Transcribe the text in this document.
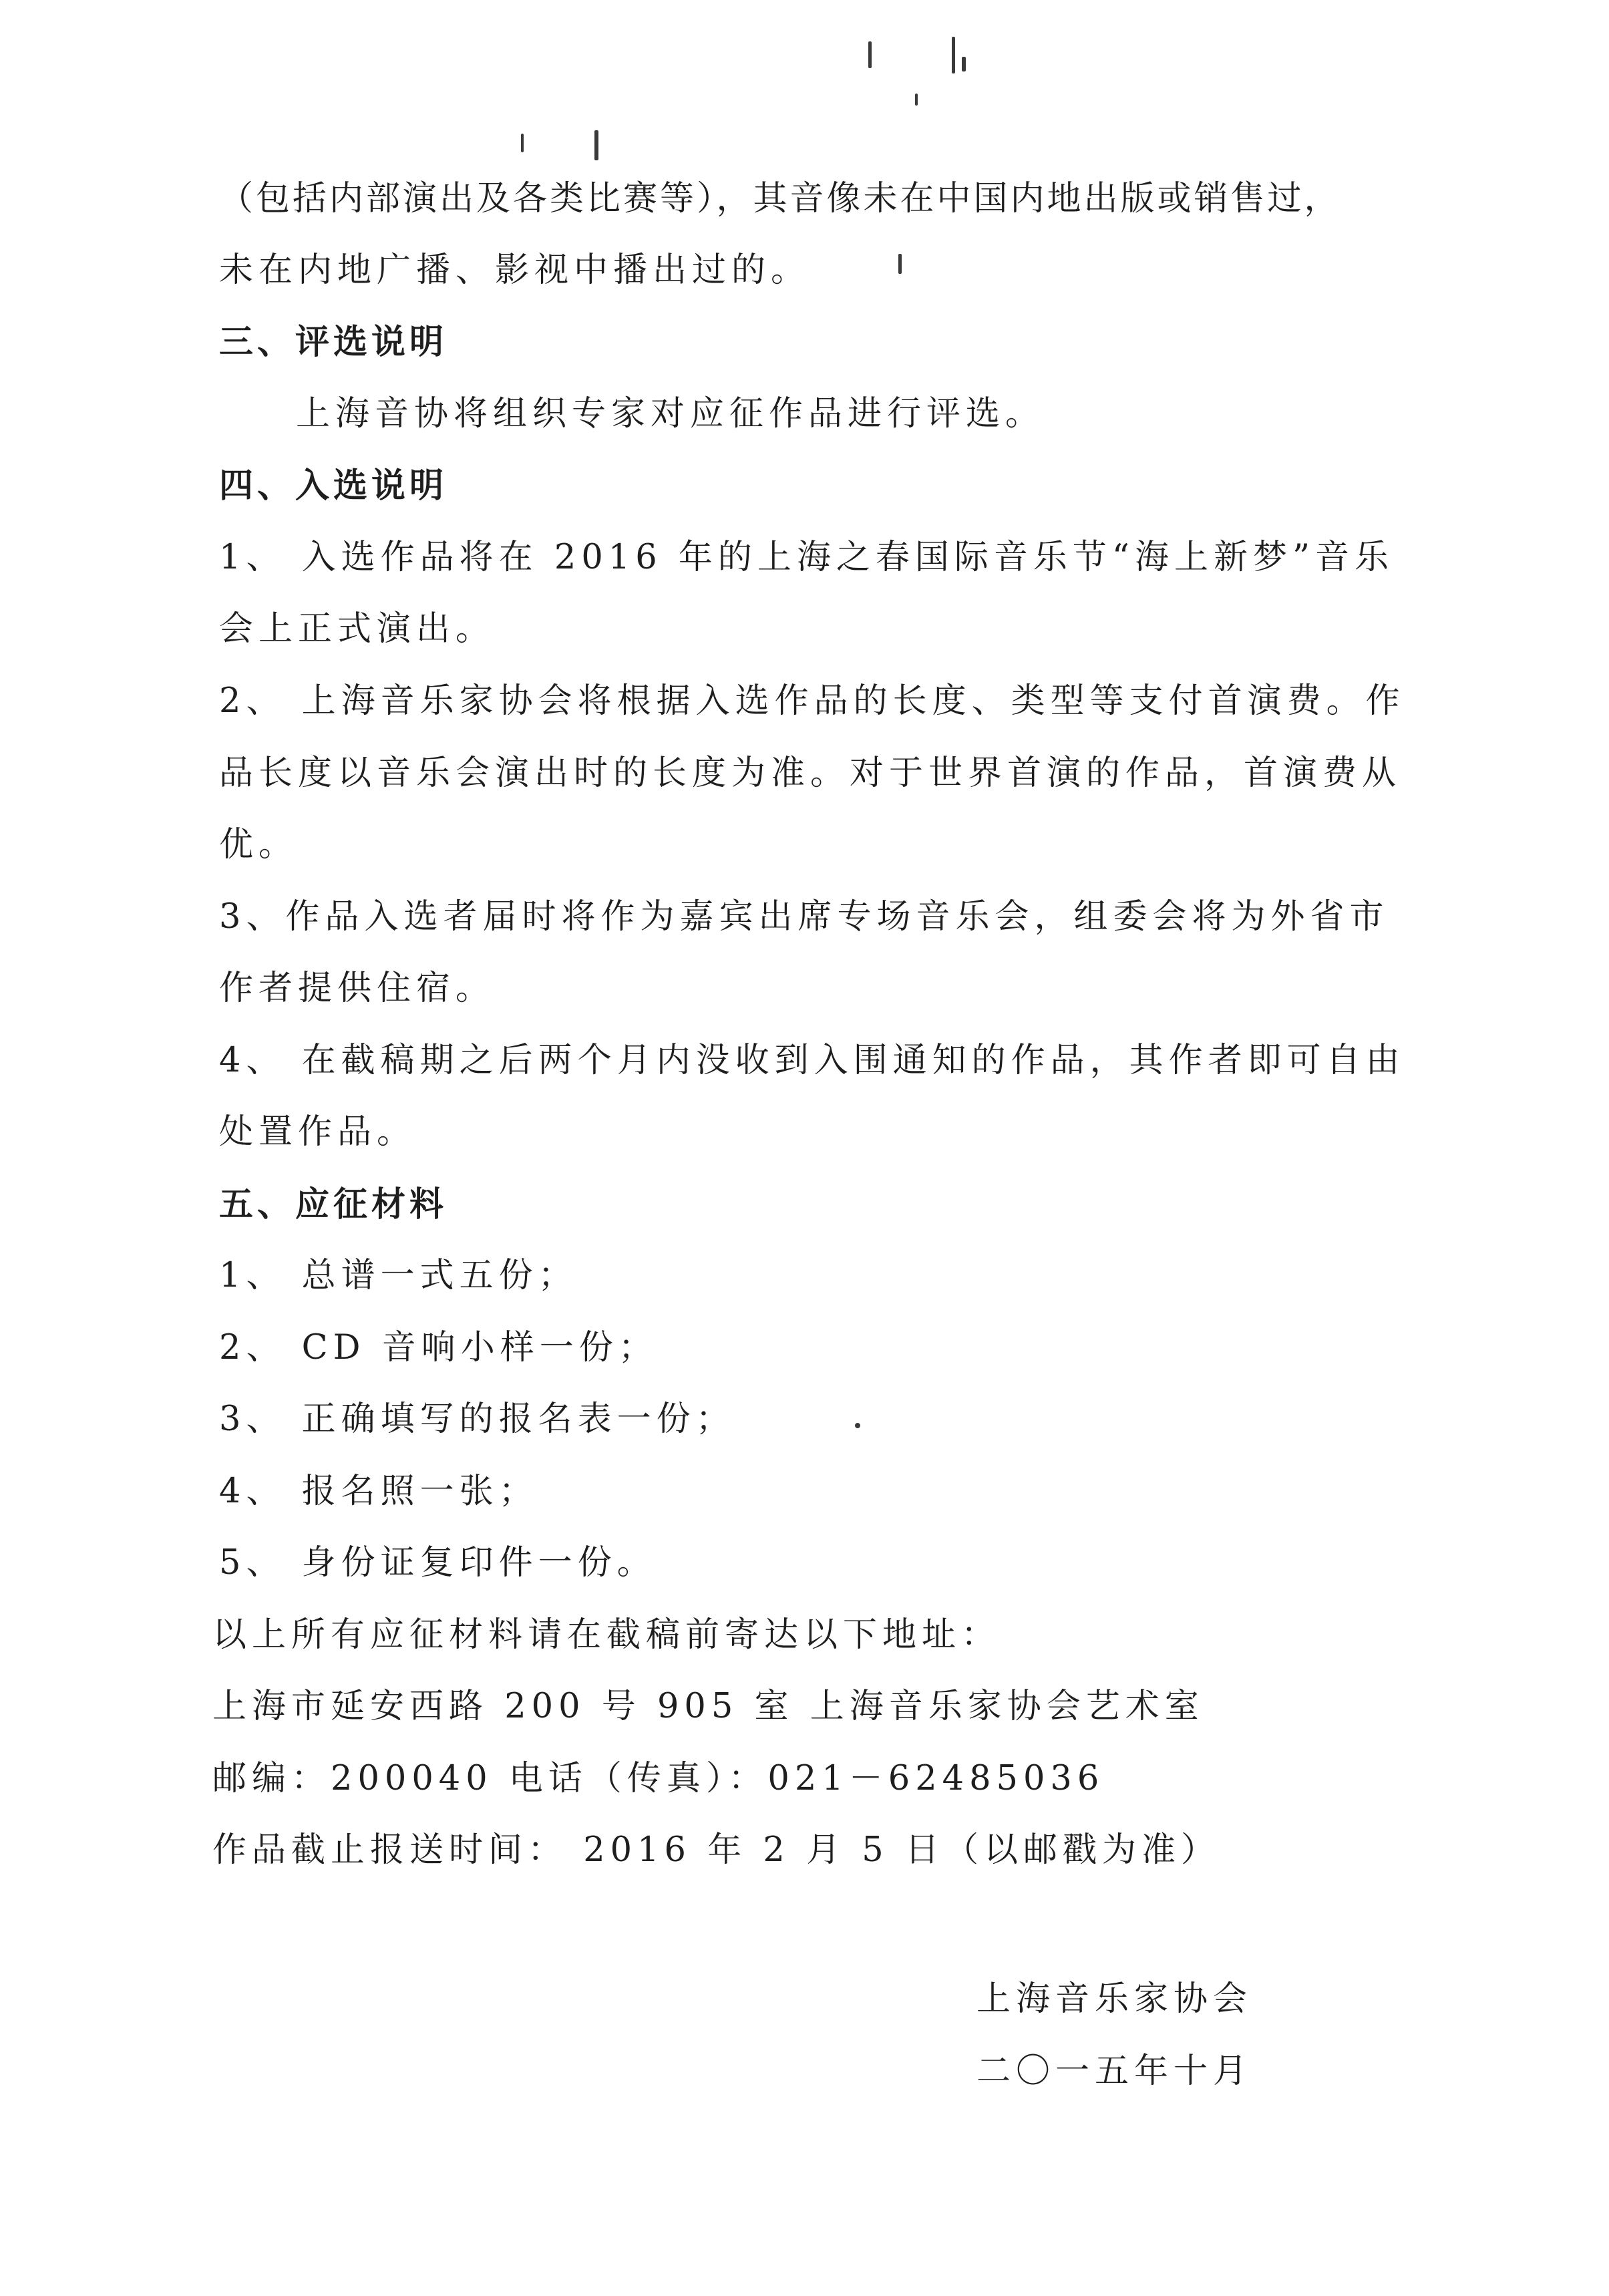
（包括内部演出及各类比赛等），其音像未在中国内地出版或销售过，
未在内地广播、影视中播出过的。
三、评选说明
上海音协将组织专家对应征作品进行评选。
四、入选说明
1、 入选作品将在 2016 年的上海之春国际音乐节“海上新梦”音乐
会上正式演出。
2、 上海音乐家协会将根据入选作品的长度、类型等支付首演费。作
品长度以音乐会演出时的长度为准。对于世界首演的作品，首演费从
优。
3、作品入选者届时将作为嘉宾出席专场音乐会，组委会将为外省市
作者提供住宿。
4、 在截稿期之后两个月内没收到入围通知的作品，其作者即可自由
处置作品。
五、应征材料
1、 总谱一式五份；
2、 CD 音响小样一份；
3、 正确填写的报名表一份；
4、 报名照一张；
5、 身份证复印件一份。
以上所有应征材料请在截稿前寄达以下地址：
上海市延安西路 200 号 905 室 上海音乐家协会艺术室
邮编：200040 电话（传真）：021－62485036
作品截止报送时间： 2016 年 2 月 5 日（以邮戳为准）
上海音乐家协会
二〇一五年十月
